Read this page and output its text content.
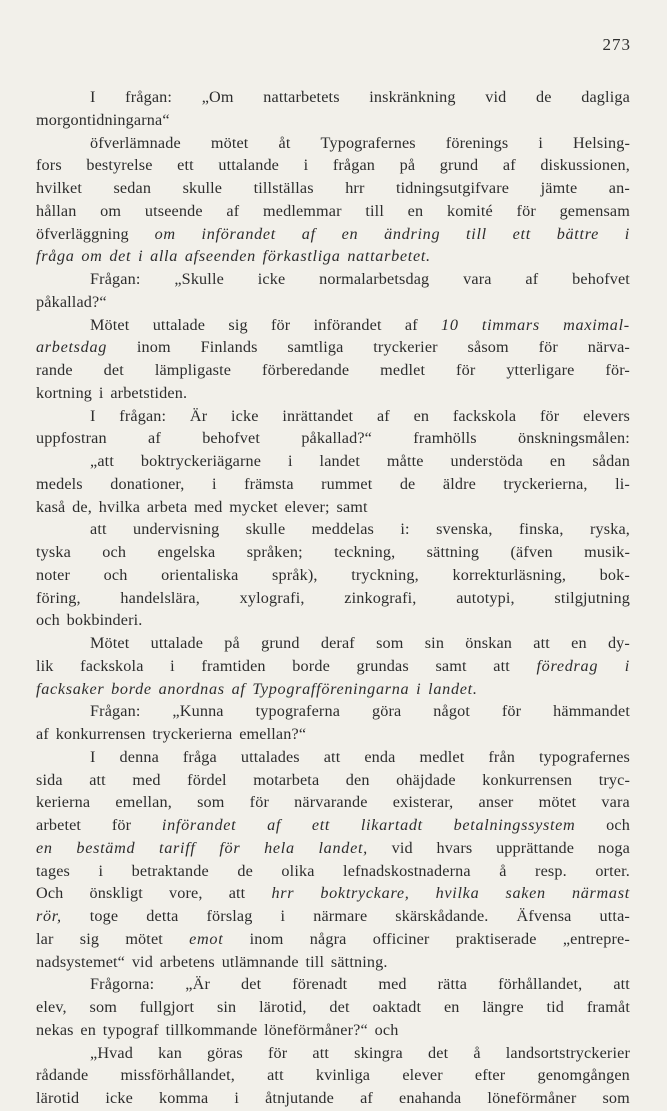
273
I frågan: „Om nattarbetets inskränkning vid de dagliga
morgontidningarna“
öfverlämnade mötet åt Typografernes förenings i Helsing-
fors bestyrelse ett uttalande i frågan på grund af diskussionen,
hvilket sedan skulle tillställas hrr tidningsutgifvare jämte an-
hållan om utseende af medlemmar till en komité för gemensam
öfverläggning om införandet af en ändring till ett bättre i
fråga om det i alla afseenden förkastliga nattarbetet.
Frågan: „Skulle icke normalarbetsdag vara af behofvet
påkallad?“
Mötet uttalade sig för införandet af 10 timmars maximal-
arbetsdag inom Finlands samtliga tryckerier såsom för närva-
rande det lämpligaste förberedande medlet för ytterligare för-
kortning i arbetstiden.
I frågan: Är icke inrättandet af en fackskola för elevers
uppfostran	af	behofvet	påkallad?“	framhölls	önskningsmålen:
„att boktryckeriägarne i landet måtte understöda en sådan
medels donationer, i främsta rummet de äldre tryckerierna, li-
kaså de, hvilka arbeta med mycket elever; samt
att undervisning skulle meddelas i: svenska, finska, ryska,
tyska och engelska språken; teckning, sättning (äfven musik-
noter och orientaliska språk), tryckning, korrekturläsning, bok-
föring, handelslära, xylografi, zinkografi, autotypi, stilgjutning
och bokbinderi.
Mötet uttalade på grund deraf som sin önskan att en dy-
lik fackskola i framtiden borde grundas samt att föredrag i
facksaker borde anordnas af Typografföreningarna i landet.
Frågan: „Kunna typograferna göra något för hämmandet
af konkurrensen tryckerierna emellan?“
I denna fråga uttalades att enda medlet från typografernes
sida att med fördel motarbeta den ohäjdade konkurrensen tryc-
kerierna emellan, som för närvarande existerar, anser mötet vara
arbetet för införandet af ett likartadt betalningssystem och
en bestämd tariff för hela landet, vid hvars upprättande noga
tages i betraktande de olika lefnadskostnaderna å resp. orter.
Och önskligt vore, att hrr boktryckare, hvilka saken närmast
rör, toge detta förslag i närmare skärskådande. Äfvensa utta-
lar sig mötet emot inom några officiner praktiserade „entrepre-
nadsystemet“ vid arbetens utlämnande till sättning.
Frågorna: „Är det förenadt med rätta förhållandet, att
elev, som fullgjort sin lärotid, det oaktadt en längre tid framåt
nekas en typograf tillkommande löneförmåner?“ och
„Hvad kan göras för att skingra det å landsortstryckerier
rådande missförhållandet, att kvinliga elever efter genomgången
lärotid icke komma i åtnjutande af enahanda löneförmåner som
